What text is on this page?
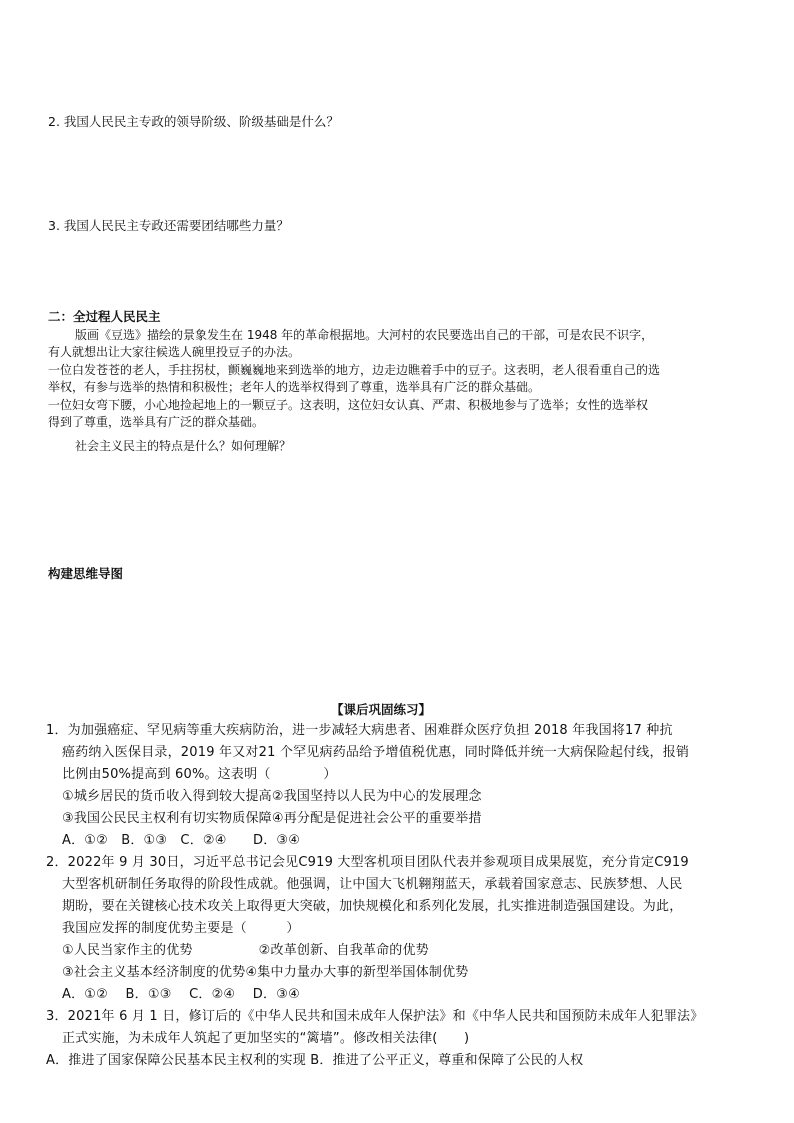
2. 我国人民民主专政的领导阶级、阶级基础是什么？
3. 我国人民民主专政还需要团结哪些力量？
二：全过程人民民主
版画《豆选》描绘的景象发生在 1948 年的革命根据地。大河村的农民要选出自己的干部，可是农民不识字，
有人就想出让大家往候选人碗里投豆子的办法。
一位白发苍苍的老人，手拄拐杖，颤巍巍地来到选举的地方，边走边瞧着手中的豆子。这表明，老人很看重自己的选
举权，有参与选举的热情和积极性；老年人的选举权得到了尊重，选举具有广泛的群众基础。
一位妇女弯下腰，小心地捡起地上的一颗豆子。这表明，这位妇女认真、严肃、积极地参与了选举；女性的选举权
得到了尊重，选举具有广泛的群众基础。
社会主义民主的特点是什么？如何理解？
构建思维导图
【课后巩固练习】
1．为加强癌症、罕见病等重大疾病防治，进一步减轻大病患者、困难群众医疗负担 2018 年我国将17 种抗
癌药纳入医保目录，2019 年又对21 个罕见病药品给予增值税优惠，同时降低并统一大病保险起付线，报销
比例由50%提高到 60%。这表明（　　　　）
①城乡居民的货币收入得到较大提高②我国坚持以人民为中心的发展理念
③我国公民民主权利有切实物质保障④再分配是促进社会公平的重要举措
A．①②　B．①③　C．②④　　D．③④
2．2022年 9 月 30日，习近平总书记会见C919 大型客机项目团队代表并参观项目成果展览，充分肯定C919
大型客机研制任务取得的阶段性成就。他强调，让中国大飞机翱翔蓝天，承载着国家意志、民族梦想、人民
期盼，要在关键核心技术攻关上取得更大突破，加快规模化和系列化发展，扎实推进制造强国建设。为此，
我国应发挥的制度优势主要是（　　　）
①人民当家作主的优势　　　　　②改革创新、自我革命的优势
③社会主义基本经济制度的优势④集中力量办大事的新型举国体制优势
A．①②　 B．①③　 C．②④　 D．③④
3．2021年 6 月 1 日，修订后的《中华人民共和国未成年人保护法》和《中华人民共和国预防未成年人犯罪法》
正式实施，为未成年人筑起了更加坚实的“篱墙”。修改相关法律(　　)
A．推进了国家保障公民基本民主权利的实现 B．推进了公平正义，尊重和保障了公民的人权
